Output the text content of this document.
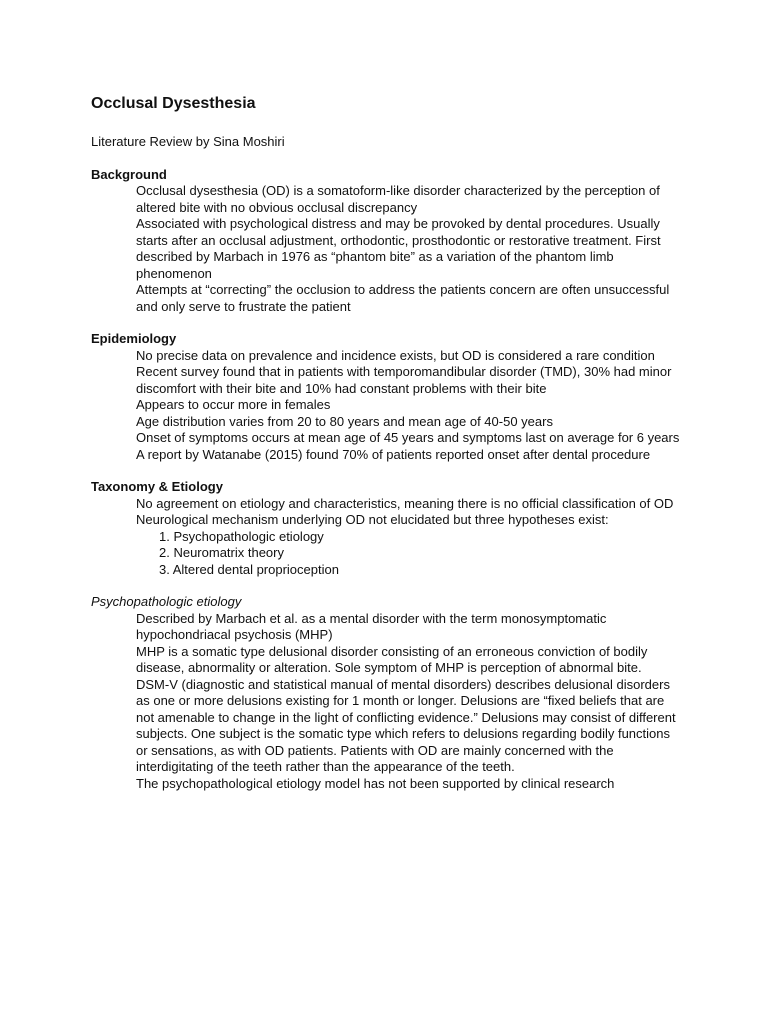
Occlusal Dysesthesia

Literature Review by Sina Moshiri

Background

Occlusal dysesthesia (OD) is a somatoform-like disorder characterized by the perception of altered bite with no obvious occlusal discrepancy

Associated with psychological distress and may be provoked by dental procedures. Usually starts after an occlusal adjustment, orthodontic, prosthodontic or restorative treatment. First described by Marbach in 1976 as “phantom bite” as a variation of the phantom limb phenomenon

Attempts at “correcting” the occlusion to address the patients concern are often unsuccessful and only serve to frustrate the patient

Epidemiology

No precise data on prevalence and incidence exists, but OD is considered a rare condition

Recent survey found that in patients with temporomandibular disorder (TMD), 30% had minor discomfort with their bite and 10% had constant problems with their bite

Appears to occur more in females

Age distribution varies from 20 to 80 years and mean age of 40-50 years

Onset of symptoms occurs at mean age of 45 years and symptoms last on average for 6 years

A report by Watanabe (2015) found 70% of patients reported onset after dental procedure

Taxonomy & Etiology

No agreement on etiology and characteristics, meaning there is no official classification of OD

Neurological mechanism underlying OD not elucidated but three hypotheses exist:

1. Psychopathologic etiology
2. Neuromatrix theory
3. Altered dental proprioception

Psychopathologic etiology

Described by Marbach et al. as a mental disorder with the term monosymptomatic hypochondriacal psychosis (MHP)

MHP is a somatic type delusional disorder consisting of an erroneous conviction of bodily disease, abnormality or alteration. Sole symptom of MHP is perception of abnormal bite.

DSM-V (diagnostic and statistical manual of mental disorders) describes delusional disorders as one or more delusions existing for 1 month or longer. Delusions are “fixed beliefs that are not amenable to change in the light of conflicting evidence.” Delusions may consist of different subjects. One subject is the somatic type which refers to delusions regarding bodily functions or sensations, as with OD patients. Patients with OD are mainly concerned with the interdigitating of the teeth rather than the appearance of the teeth.

The psychopathological etiology model has not been supported by clinical research
